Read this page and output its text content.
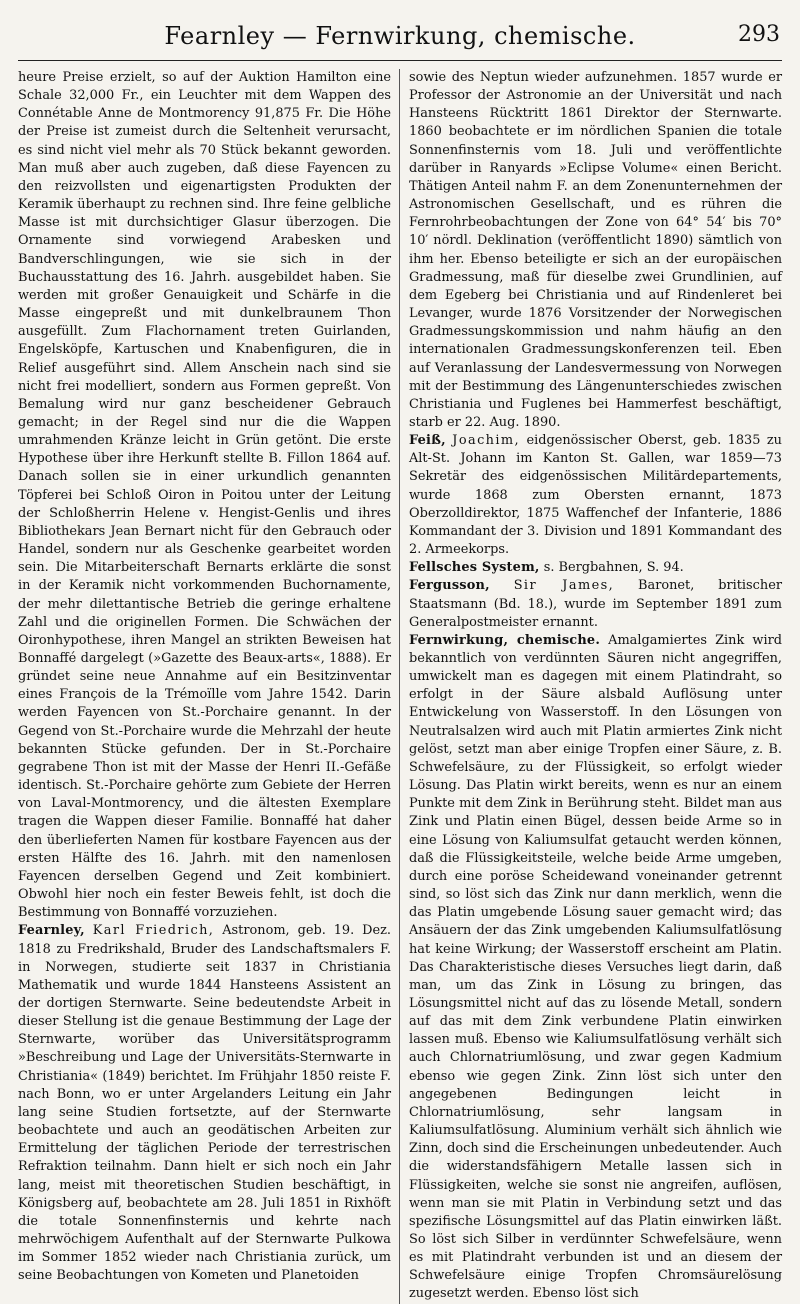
Fearnley — Fernwirkung, chemische.	293

heure Preise erzielt, so auf der Auktion Hamilton eine Schale 32,000 Fr., ein Leuchter mit dem Wappen des Connétable Anne de Montmorency 91,875 Fr. Die Höhe der Preise ist zumeist durch die Seltenheit verursacht, es sind nicht viel mehr als 70 Stück bekannt geworden. Man muß aber auch zugeben, daß diese Fayencen zu den reizvollsten und eigenartigsten Produkten der Keramik überhaupt zu rechnen sind. Ihre feine gelbliche Masse ist mit durchsichtiger Glasur überzogen. Die Ornamente sind vorwiegend Arabesken und Bandverschlingungen, wie sie sich in der Buchausstattung des 16. Jahrh. ausgebildet haben. Sie werden mit großer Genauigkeit und Schärfe in die Masse eingepreßt und mit dunkelbraunem Thon ausgefüllt. Zum Flachornament treten Guirlanden, Engelsköpfe, Kartuschen und Knabenfiguren, die in Relief ausgeführt sind. Allem Anschein nach sind sie nicht frei modelliert, sondern aus Formen gepreßt. Von Bemalung wird nur ganz bescheidener Gebrauch gemacht; in der Regel sind nur die die Wappen umrahmenden Kränze leicht in Grün getönt. Die erste Hypothese über ihre Herkunft stellte B. Fillon 1864 auf. Danach sollen sie in einer urkundlich genannten Töpferei bei Schloß Oiron in Poitou unter der Leitung der Schloßherrin Helene v. Hengist-Genlis und ihres Bibliothekars Jean Bernart nicht für den Gebrauch oder Handel, sondern nur als Geschenke gearbeitet worden sein. Die Mitarbeiterschaft Bernarts erklärte die sonst in der Keramik nicht vorkommenden Buchornamente, der mehr dilettantische Betrieb die geringe erhaltene Zahl und die originellen Formen. Die Schwächen der Oironhypothese, ihren Mangel an strikten Beweisen hat Bonnaffé dargelegt (»Gazette des Beaux-arts«, 1888). Er gründet seine neue Annahme auf ein Besitzinventar eines François de la Trémoïlle vom Jahre 1542. Darin werden Fayencen von St.-Porchaire genannt. In der Gegend von St.-Porchaire wurde die Mehrzahl der heute bekannten Stücke gefunden. Der in St.-Porchaire gegrabene Thon ist mit der Masse der Henri II.-Gefäße identisch. St.-Porchaire gehörte zum Gebiete der Herren von Laval-Montmorency, und die ältesten Exemplare tragen die Wappen dieser Familie. Bonnaffé hat daher den überlieferten Namen für kostbare Fayencen aus der ersten Hälfte des 16. Jahrh. mit den namenlosen Fayencen derselben Gegend und Zeit kombiniert. Obwohl hier noch ein fester Beweis fehlt, ist doch die Bestimmung von Bonnaffé vorzuziehen.

Fearnley, Karl Friedrich, Astronom, geb. 19. Dez. 1818 zu Fredrikshald, Bruder des Landschaftsmalers F. in Norwegen, studierte seit 1837 in Christiania Mathematik und wurde 1844 Hansteens Assistent an der dortigen Sternwarte. Seine bedeutendste Arbeit in dieser Stellung ist die genaue Bestimmung der Lage der Sternwarte, worüber das Universitätsprogramm »Beschreibung und Lage der Universitäts-Sternwarte in Christiania« (1849) berichtet. Im Frühjahr 1850 reiste F. nach Bonn, wo er unter Argelanders Leitung ein Jahr lang seine Studien fortsetzte, auf der Sternwarte beobachtete und auch an geodätischen Arbeiten zur Ermittelung der täglichen Periode der terrestrischen Refraktion teilnahm. Dann hielt er sich noch ein Jahr lang, meist mit theoretischen Studien beschäftigt, in Königsberg auf, beobachtete am 28. Juli 1851 in Rixhöft die totale Sonnenfinsternis und kehrte nach mehrwöchigem Aufenthalt auf der Sternwarte Pulkowa im Sommer 1852 wieder nach Christiania zurück, um seine Beobachtungen von Kometen und Planetoiden

sowie des Neptun wieder aufzunehmen. 1857 wurde er Professor der Astronomie an der Universität und nach Hansteens Rücktritt 1861 Direktor der Sternwarte. 1860 beobachtete er im nördlichen Spanien die totale Sonnenfinsternis vom 18. Juli und veröffentlichte darüber in Ranyards »Eclipse Volume« einen Bericht. Thätigen Anteil nahm F. an dem Zonenunternehmen der Astronomischen Gesellschaft, und es rühren die Fernrohrbeobachtungen der Zone von 64° 54′ bis 70° 10′ nördl. Deklination (veröffentlicht 1890) sämtlich von ihm her. Ebenso beteiligte er sich an der europäischen Gradmessung, maß für dieselbe zwei Grundlinien, auf dem Egeberg bei Christiania und auf Rindenleret bei Levanger, wurde 1876 Vorsitzender der Norwegischen Gradmessungskommission und nahm häufig an den internationalen Gradmessungskonferenzen teil. Eben auf Veranlassung der Landesvermessung von Norwegen mit der Bestimmung des Längenunterschiedes zwischen Christiania und Fuglenes bei Hammerfest beschäftigt, starb er 22. Aug. 1890.

Feiß, Joachim, eidgenössischer Oberst, geb. 1835 zu Alt-St. Johann im Kanton St. Gallen, war 1859—73 Sekretär des eidgenössischen Militärdepartements, wurde 1868 zum Obersten ernannt, 1873 Oberzolldirektor, 1875 Waffenchef der Infanterie, 1886 Kommandant der 3. Division und 1891 Kommandant des 2. Armeekorps.

Fellsches System, s. Bergbahnen, S. 94.

Fergusson, Sir James, Baronet, britischer Staatsmann (Bd. 18.), wurde im September 1891 zum Generalpostmeister ernannt.

Fernwirkung, chemische. Amalgamiertes Zink wird bekanntlich von verdünnten Säuren nicht angegriffen, umwickelt man es dagegen mit einem Platindraht, so erfolgt in der Säure alsbald Auflösung unter Entwickelung von Wasserstoff. In den Lösungen von Neutralsalzen wird auch mit Platin armiertes Zink nicht gelöst, setzt man aber einige Tropfen einer Säure, z. B. Schwefelsäure, zu der Flüssigkeit, so erfolgt wieder Lösung. Das Platin wirkt bereits, wenn es nur an einem Punkte mit dem Zink in Berührung steht. Bildet man aus Zink und Platin einen Bügel, dessen beide Arme so in eine Lösung von Kaliumsulfat getaucht werden können, daß die Flüssigkeitsteile, welche beide Arme umgeben, durch eine poröse Scheidewand voneinander getrennt sind, so löst sich das Zink nur dann merklich, wenn die das Platin umgebende Lösung sauer gemacht wird; das Ansäuern der das Zink umgebenden Kaliumsulfatlösung hat keine Wirkung; der Wasserstoff erscheint am Platin. Das Charakteristische dieses Versuches liegt darin, daß man, um das Zink in Lösung zu bringen, das Lösungsmittel nicht auf das zu lösende Metall, sondern auf das mit dem Zink verbundene Platin einwirken lassen muß. Ebenso wie Kaliumsulfatlösung verhält sich auch Chlornatriumlösung, und zwar gegen Kadmium ebenso wie gegen Zink. Zinn löst sich unter den angegebenen Bedingungen leicht in Chlornatriumlösung, sehr langsam in Kaliumsulfatlösung. Aluminium verhält sich ähnlich wie Zinn, doch sind die Erscheinungen unbedeutender. Auch die widerstandsfähigern Metalle lassen sich in Flüssigkeiten, welche sie sonst nie angreifen, auflösen, wenn man sie mit Platin in Verbindung setzt und das spezifische Lösungsmittel auf das Platin einwirken läßt. So löst sich Silber in verdünnter Schwefelsäure, wenn es mit Platindraht verbunden ist und an diesem der Schwefelsäure einige Tropfen Chromsäurelösung zugesetzt werden. Ebenso löst sich
